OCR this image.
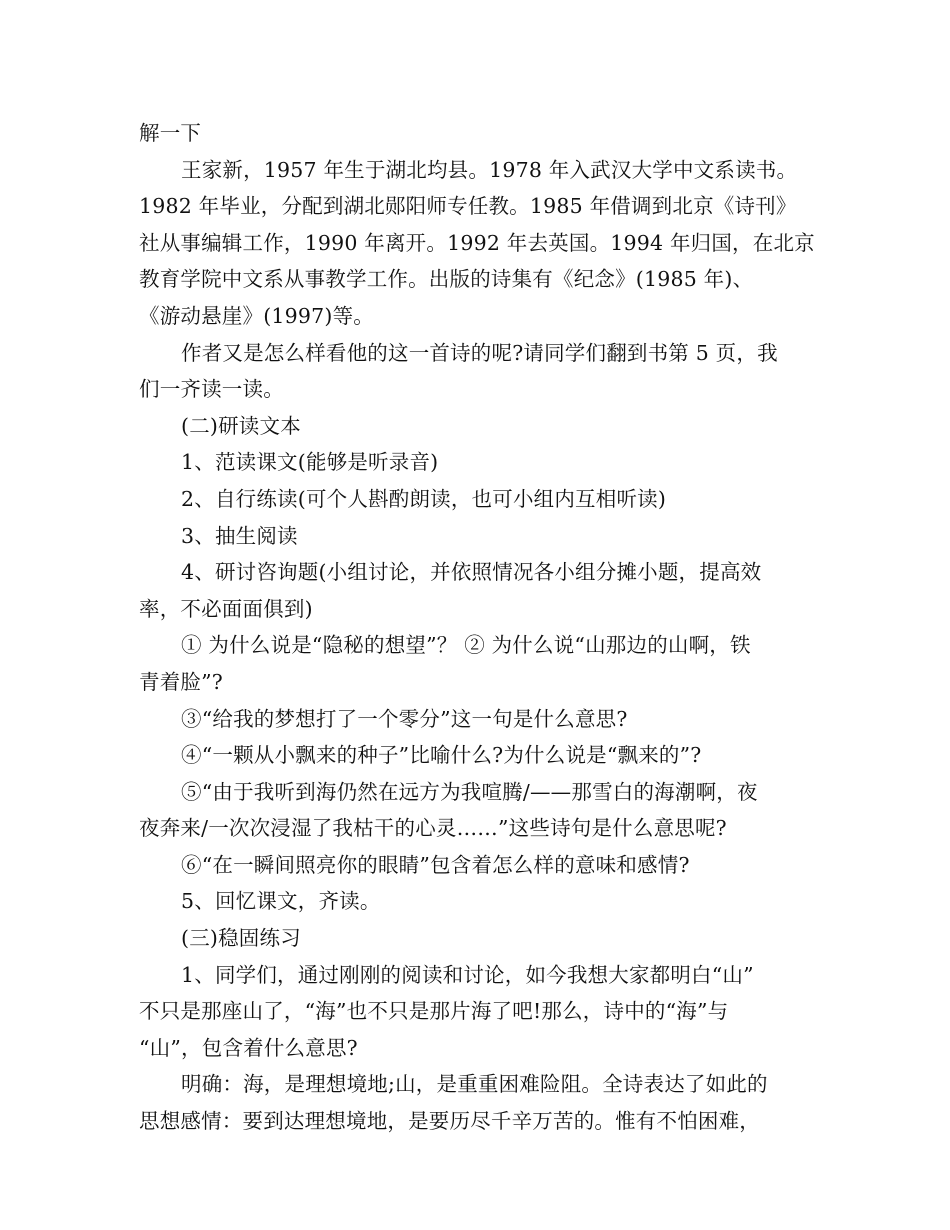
解一下
王家新，1957 年生于湖北均县。1978 年入武汉大学中文系读书。
1982 年毕业，分配到湖北郧阳师专任教。1985 年借调到北京《诗刊》
社从事编辑工作，1990 年离开。1992 年去英国。1994 年归国，在北京
教育学院中文系从事教学工作。出版的诗集有《纪念》(1985 年)、
《游动悬崖》(1997)等。
作者又是怎么样看他的这一首诗的呢?请同学们翻到书第 5 页，我
们一齐读一读。
(二)研读文本
1、范读课文(能够是听录音)
2、自行练读(可个人斟酌朗读，也可小组内互相听读)
3、抽生阅读
4、研讨咨询题(小组讨论，并依照情况各小组分摊小题，提高效
率，不必面面俱到)
① 为什么说是“隐秘的想望”？ ② 为什么说“山那边的山啊，铁
青着脸”?
③“给我的梦想打了一个零分”这一句是什么意思?
④“一颗从小飘来的种子”比喻什么?为什么说是“飘来的”?
⑤“由于我听到海仍然在远方为我喧腾/——那雪白的海潮啊，夜
夜奔来/一次次浸湿了我枯干的心灵……”这些诗句是什么意思呢?
⑥“在一瞬间照亮你的眼睛”包含着怎么样的意味和感情?
5、回忆课文，齐读。
(三)稳固练习
1、同学们，通过刚刚的阅读和讨论，如今我想大家都明白“山”
不只是那座山了，“海”也不只是那片海了吧!那么，诗中的“海”与
“山”，包含着什么意思?
明确：海，是理想境地;山，是重重困难险阻。全诗表达了如此的
思想感情：要到达理想境地，是要历尽千辛万苦的。惟有不怕困难，
